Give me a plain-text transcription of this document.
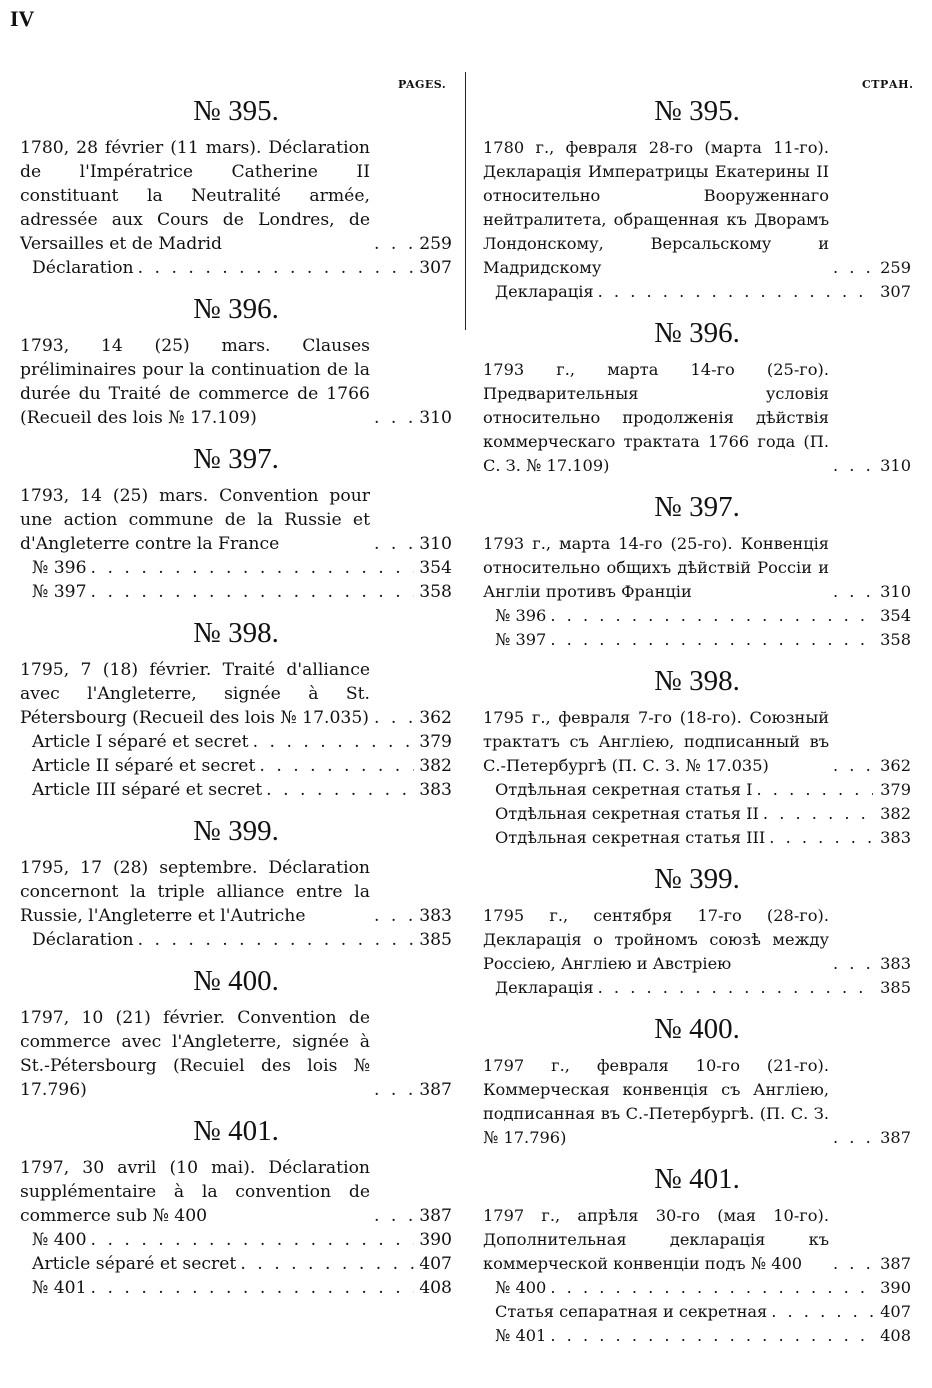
IV
PAGES.	СТРАН.
№ 395.
1780, 28 février (11 mars). Déclaration de l'Impératrice Catherine II constituant la Neutralité armée, adressée aux Cours de Londres, de Versailles et de Madrid . . .	259
Déclaration . . .	307
№ 396.
1793, 14 (25) mars. Clauses préliminaires pour la continuation de la durée du Traité de commerce de 1766 (Recueil des lois № 17.109) . . .	310
№ 397.
1793, 14 (25) mars. Convention pour une action commune de la Russie et d'Angleterre contre la France . . .	310
№ 396 . . .	354
№ 397 . . .	358
№ 398.
1795, 7 (18) février. Traité d'alliance avec l'Angleterre, signée à St. Pétersbourg (Recueil des lois № 17.035) . . .	362
Article I séparé et secret . . .	379
Article II séparé et secret . . .	382
Article III séparé et secret . . .	383
№ 399.
1795, 17 (28) septembre. Déclaration concernont la triple alliance entre la Russie, l'Angleterre et l'Autriche . . .	383
Déclaration . . .	385
№ 400.
1797, 10 (21) février. Convention de commerce avec l'Angleterre, signée à St.-Pétersbourg (Recuiel des lois № 17.796) . . .	387
№ 401.
1797, 30 avril (10 mai). Déclaration supplémentaire à la convention de commerce sub № 400 . . .	387
№ 400 . . .	390
Article séparé et secret . . .	407
№ 401 . . .	408
№ 395.
1780 г., февраля 28-го (марта 11-го). Декларація Императрицы Екатерины II относительно Вооруженнаго нейтралитета, обращенная къ Дворамъ Лондонскому, Версальскому и Мадридскому . . .	259
Декларація . . .	307
№ 396.
1793 г., марта 14-го (25-го). Предварительныя условія относительно продолженія дѣйствія коммерческаго трактата 1766 года (П. С. З. № 17.109) . . .	310
№ 397.
1793 г., марта 14-го (25-го). Конвенція относительно общихъ дѣйствій Россіи и Англіи противъ Франціи . . .	310
№ 396 . . .	354
№ 397 . . .	358
№ 398.
1795 г., февраля 7-го (18-го). Союзный трактатъ съ Англіею, подписанный въ С.-Петербургѣ (П. С. З. № 17.035) . . .	362
Отдѣльная секретная статья I . . .	379
Отдѣльная секретная статья II . . .	382
Отдѣльная секретная статья III . . .	383
№ 399.
1795 г., сентября 17-го (28-го). Декларація о тройномъ союзѣ между Россіею, Англіею и Австріею . . .	383
Декларація . . .	385
№ 400.
1797 г., февраля 10-го (21-го). Коммерческая конвенція съ Англіею, подписанная въ С.-Петербургѣ. (П. С. З. № 17.796) . . .	387
№ 401.
1797 г., апрѣля 30-го (мая 10-го). Дополнительная декларація къ коммерческой конвенціи подъ № 400 . . .	387
№ 400 . . .	390
Статья сепаратная и секретная . . .	407
№ 401 . . .	408
